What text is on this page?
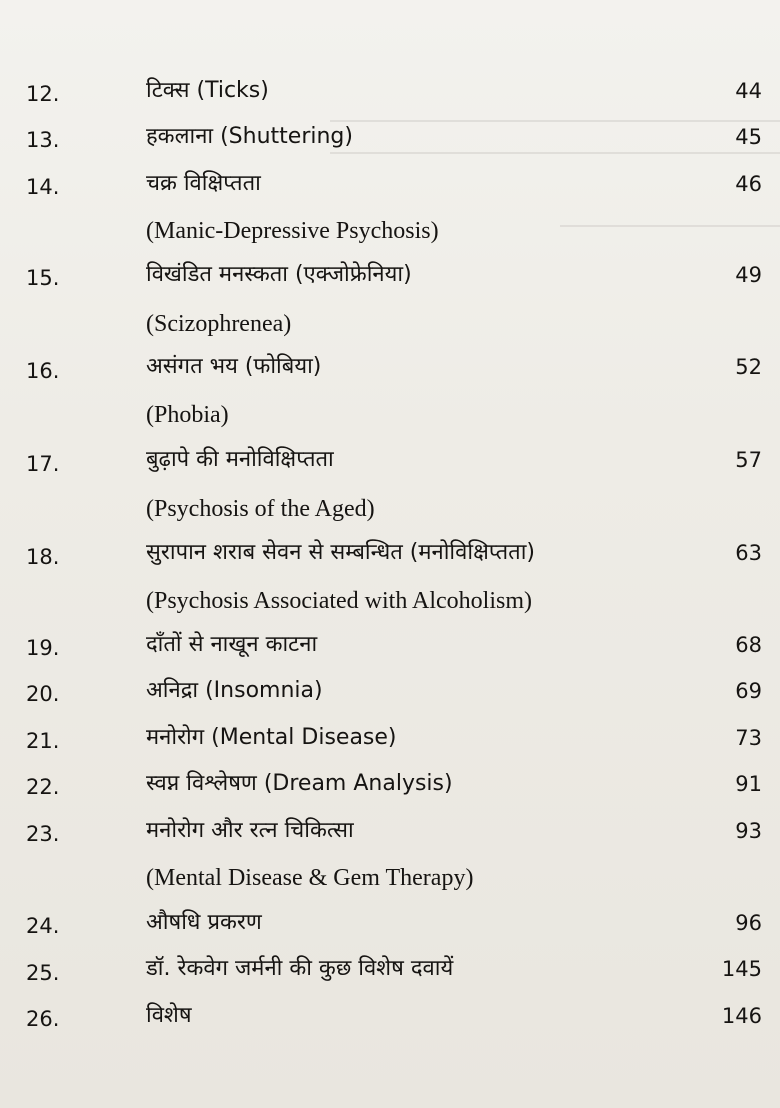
12.	टिक्स (Ticks)	44
13.	हकलाना (Shuttering)	45
14.	चक्र विक्षिप्तता	46
(Manic-Depressive Psychosis)
15.	विखंडित मनस्कता (एक्जोफ्रेनिया)	49
(Scizophrenea)
16.	असंगत भय (फोबिया)	52
(Phobia)
17.	बुढ़ापे की मनोविक्षिप्तता	57
(Psychosis of the Aged)
18.	सुरापान शराब सेवन से सम्बन्धित (मनोविक्षिप्तता)	63
(Psychosis Associated with Alcoholism)
19.	दाँतों से नाखून काटना	68
20.	अनिद्रा (Insomnia)	69
21.	मनोरोग (Mental Disease)	73
22.	स्वप्न विश्लेषण (Dream Analysis)	91
23.	मनोरोग और रत्न चिकित्सा	93
(Mental Disease & Gem Therapy)
24.	औषधि प्रकरण	96
25.	डॉ. रेकवेग जर्मनी की कुछ विशेष दवायें	145
26.	विशेष	146
